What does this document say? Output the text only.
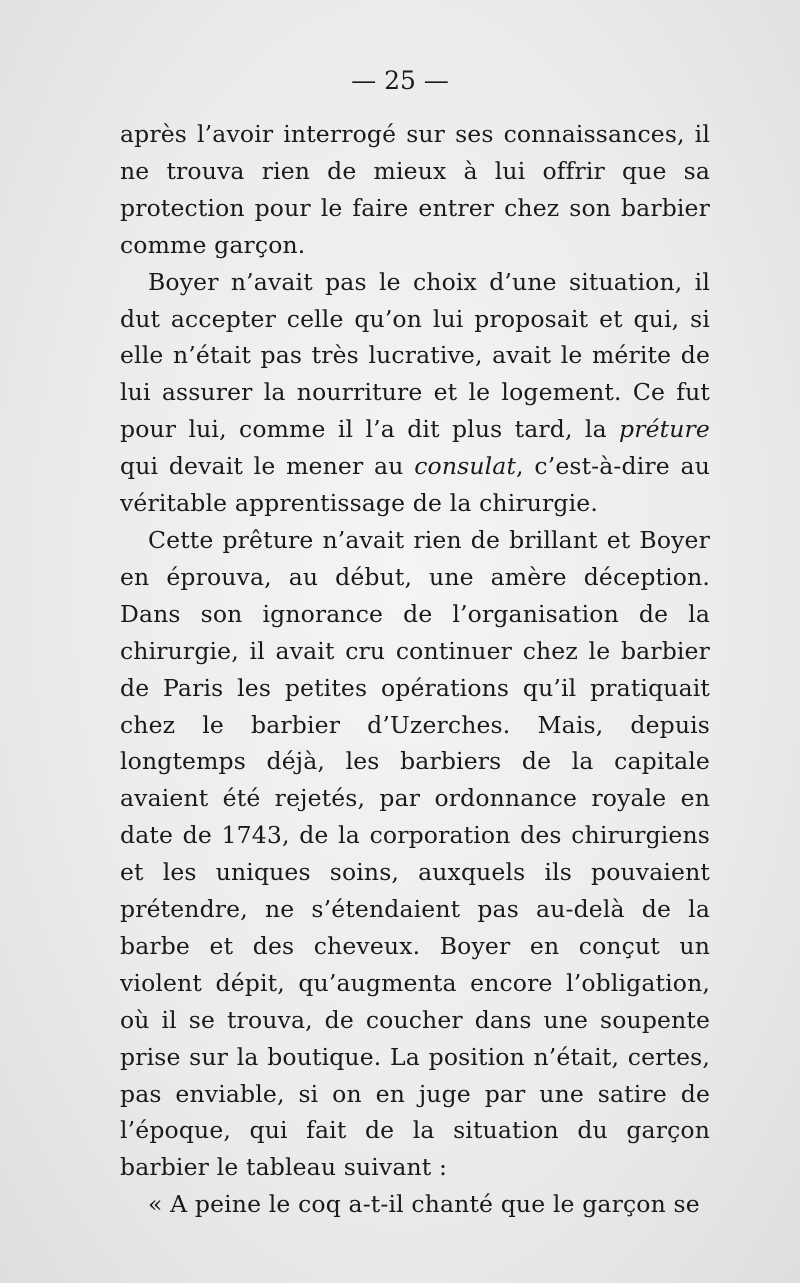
— 25 —

après l’avoir interrogé sur ses connaissances, il ne trouva rien de mieux à lui offrir que sa protection pour le faire entrer chez son barbier comme garçon.

Boyer n’avait pas le choix d’une situation, il dut accepter celle qu’on lui proposait et qui, si elle n’était pas très lucrative, avait le mérite de lui assurer la nourriture et le logement. Ce fut pour lui, comme il l’a dit plus tard, la préture qui devait le mener au consulat, c’est-à-dire au véritable apprentissage de la chirurgie.

Cette prêture n’avait rien de brillant et Boyer en éprouva, au début, une amère déception. Dans son ignorance de l’organisation de la chirurgie, il avait cru continuer chez le barbier de Paris les petites opérations qu’il pratiquait chez le barbier d’Uzerches. Mais, depuis longtemps déjà, les barbiers de la capitale avaient été rejetés, par ordonnance royale en date de 1743, de la corporation des chirurgiens et les uniques soins, auxquels ils pouvaient prétendre, ne s’étendaient pas au-delà de la barbe et des cheveux. Boyer en conçut un violent dépit, qu’augmenta encore l’obligation, où il se trouva, de coucher dans une soupente prise sur la boutique. La position n’était, certes, pas enviable, si on en juge par une satire de l’époque, qui fait de la situation du garçon barbier le tableau suivant :

« A peine le coq a-t-il chanté que le garçon se
